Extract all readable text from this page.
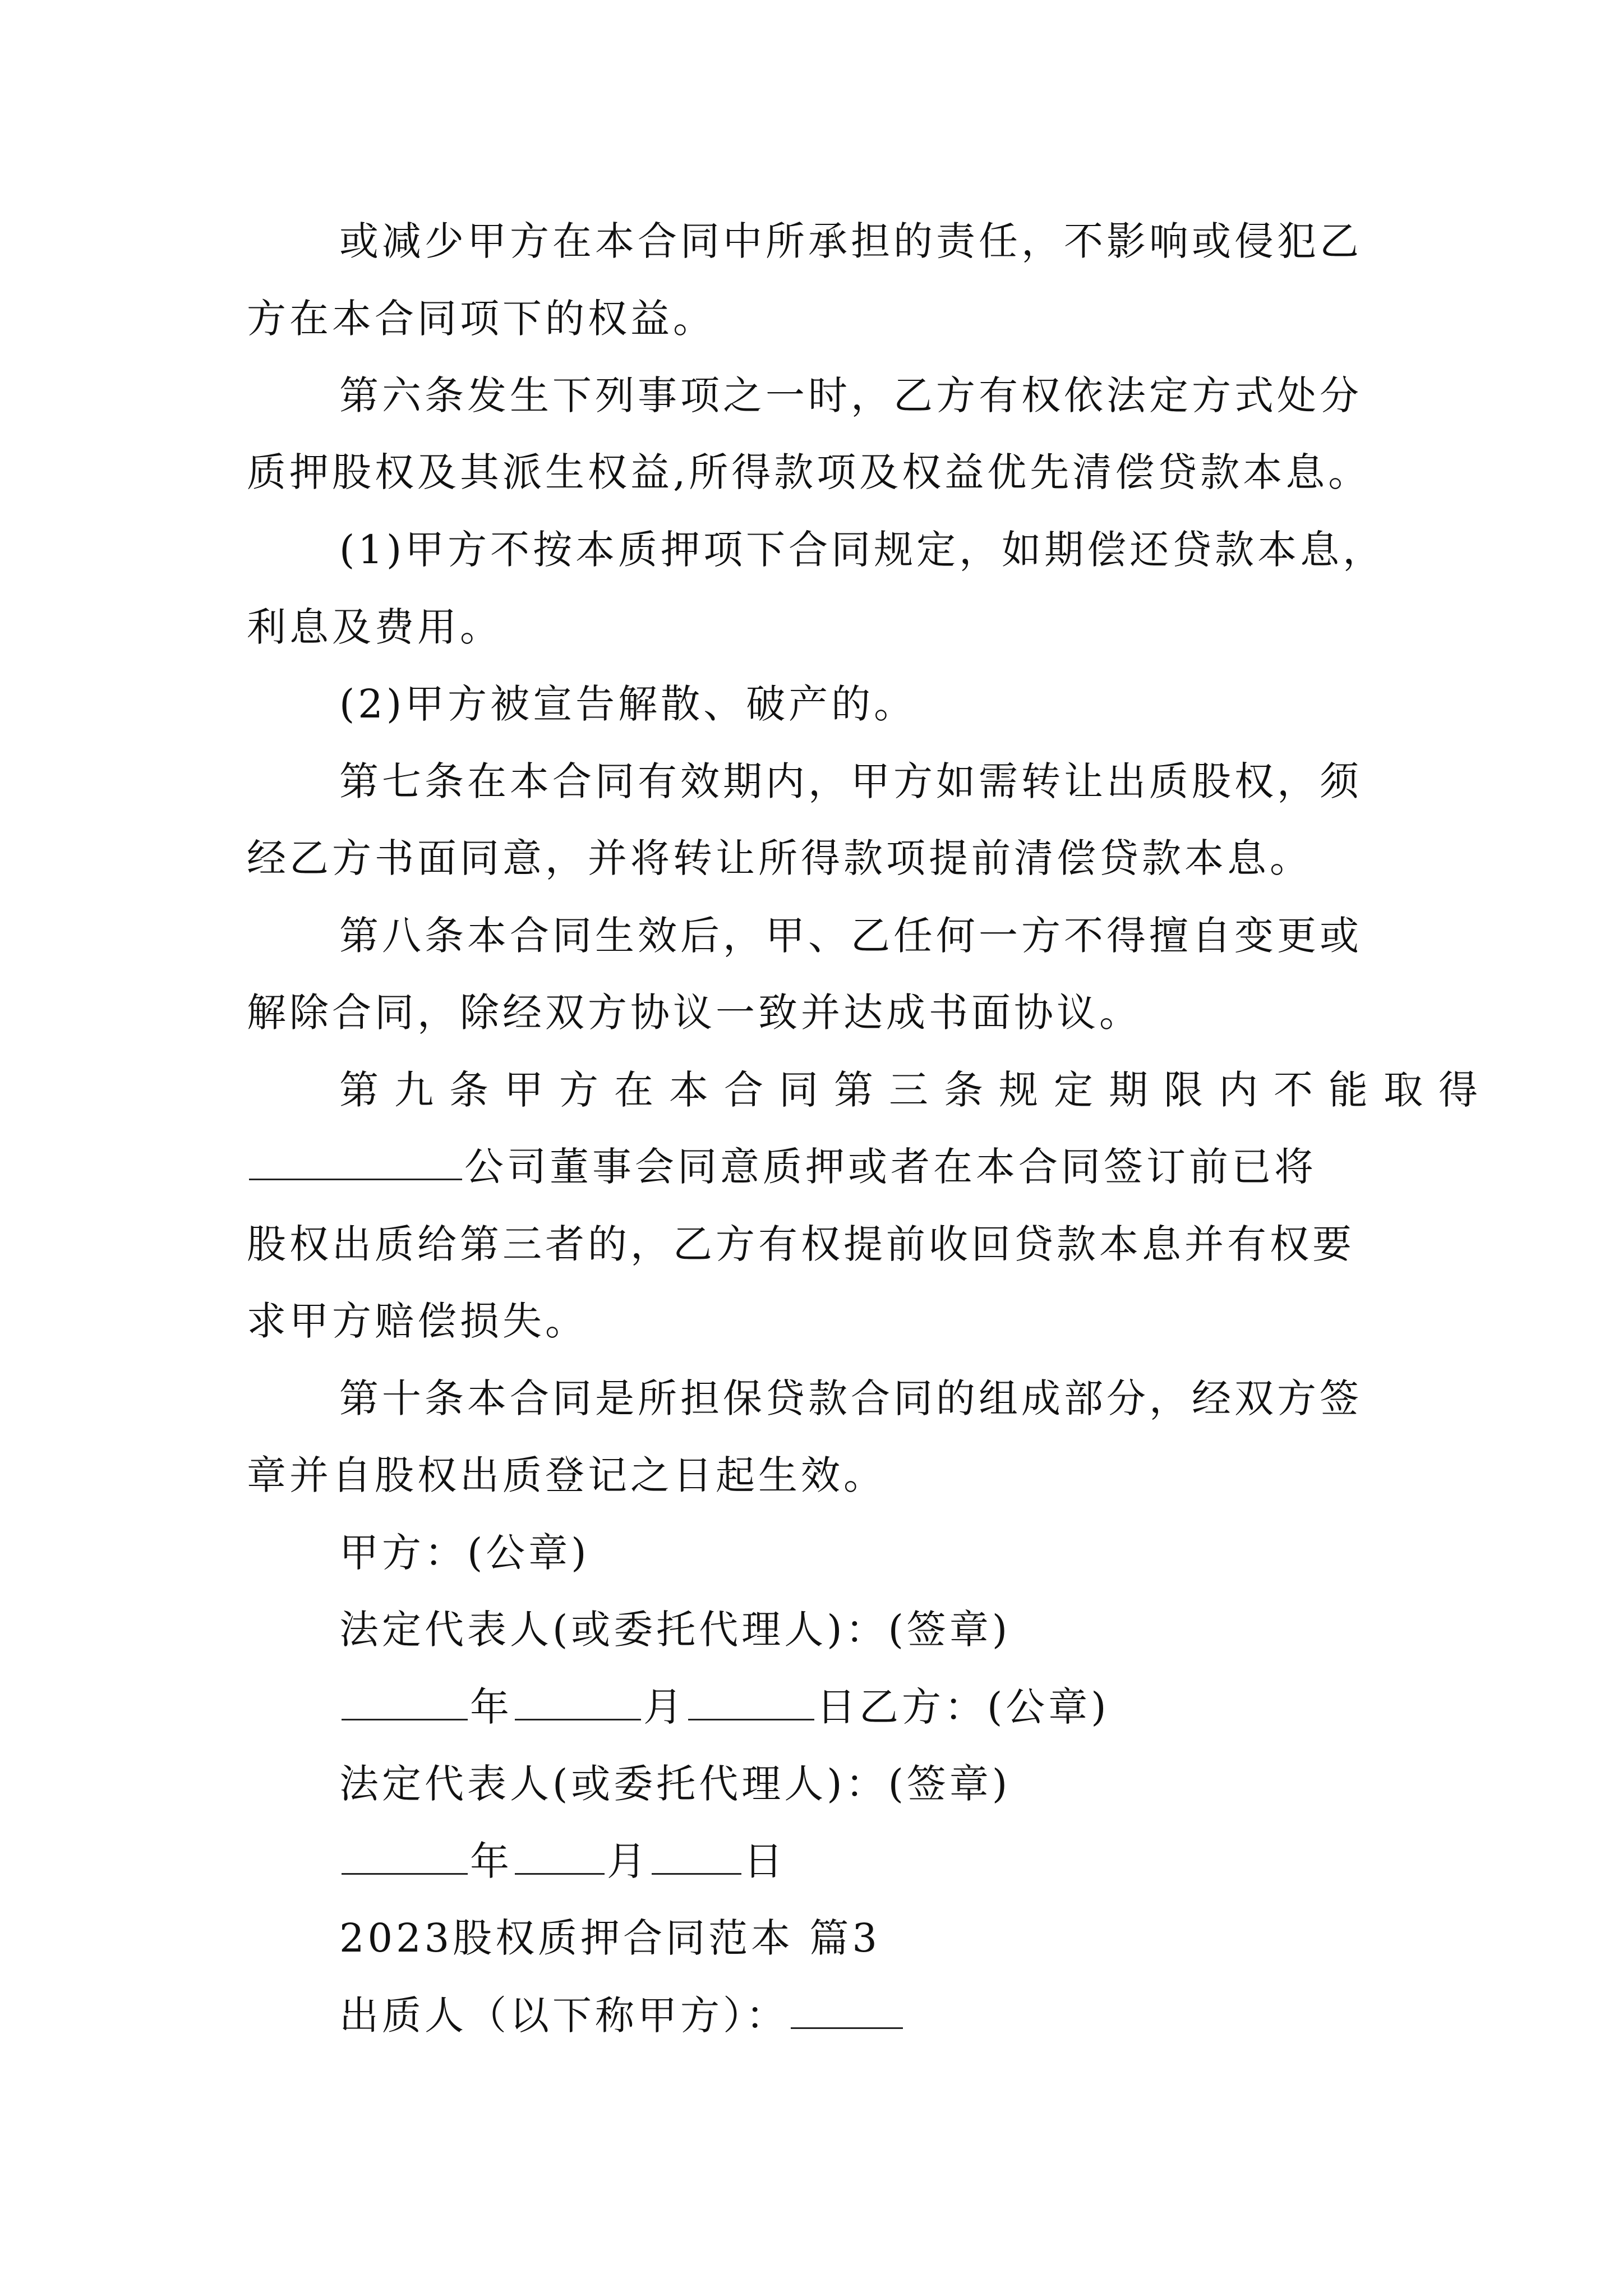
或减少甲方在本合同中所承担的责任，不影响或侵犯乙
方在本合同项下的权益。
第六条发生下列事项之一时，乙方有权依法定方式处分
质押股权及其派生权益,所得款项及权益优先清偿贷款本息。
(1)甲方不按本质押项下合同规定，如期偿还贷款本息，
利息及费用。
(2)甲方被宣告解散、破产的。
第七条在本合同有效期内，甲方如需转让出质股权，须
经乙方书面同意，并将转让所得款项提前清偿贷款本息。
第八条本合同生效后，甲、乙任何一方不得擅自变更或
解除合同，除经双方协议一致并达成书面协议。
第九条甲方在本合同第三条规定期限内不能取得
公司董事会同意质押或者在本合同签订前已将
股权出质给第三者的，乙方有权提前收回贷款本息并有权要
求甲方赔偿损失。
第十条本合同是所担保贷款合同的组成部分，经双方签
章并自股权出质登记之日起生效。
甲方：(公章)
法定代表人(或委托代理人)：(签章)
年	月	日乙方：(公章)
法定代表人(或委托代理人)：(签章)
年 月 日
2023股权质押合同范本 篇3
出质人（以下称甲方）：
